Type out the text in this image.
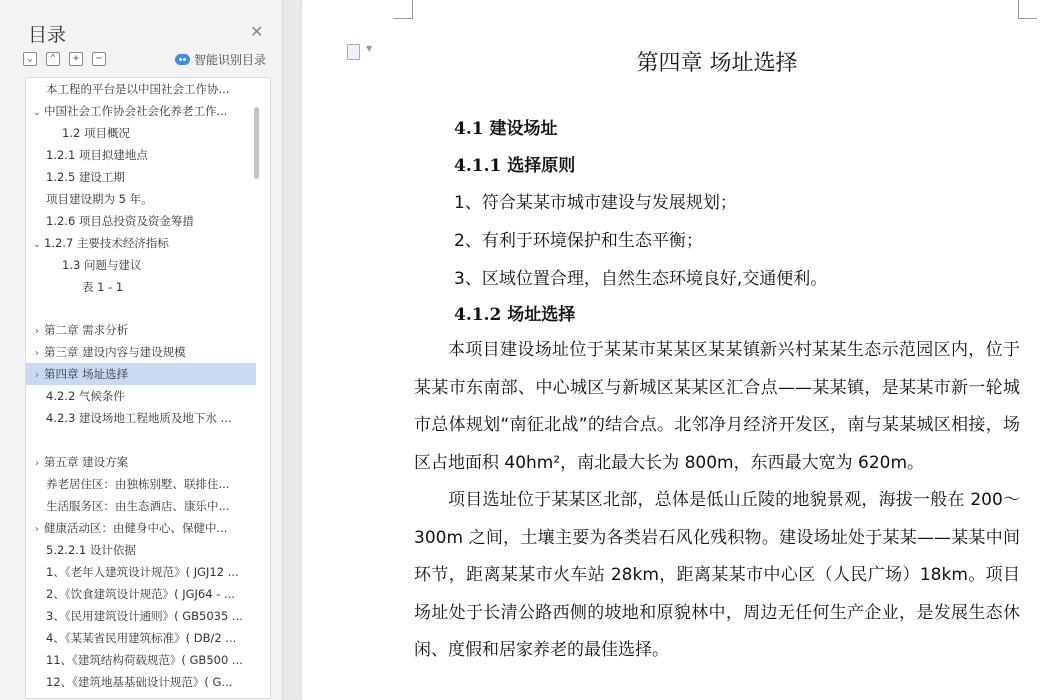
目录	✕
⌄	⌃	+	−	智能识别目录
本工程的平台是以中国社会工作协...
⌄ 中国社会工作协会社会化养老工作...
1.2 项目概况
1.2.1 项目拟建地点
1.2.5 建设工期
项目建设期为 5 年。
1.2.6 项目总投资及资金筹措
⌄ 1.2.7 主要技术经济指标
1.3 问题与建议
表 1 - 1
› 第二章 需求分析
› 第三章 建设内容与建设规模
› 第四章 场址选择
4.2.2 气候条件
4.2.3 建设场地工程地质及地下水 ...
› 第五章 建设方案
养老居住区：由独栋别墅、联排住...
生活服务区：由生态酒店、康乐中...
› 健康活动区：由健身中心、保健中...
5.2.2.1 设计依据
1、《老年人建筑设计规范》( JGJ12 ...
2、《饮食建筑设计规范》( JGJ64 - ...
3、《民用建筑设计通则》( GB5035 ...
4、《某某省民用建筑标准》( DB/2 ...
11、《建筑结构荷载规范》( GB500 ...
12、《建筑地基基础设计规范》( G...
▼
第四章 场址选择
4.1 建设场址
4.1.1 选择原则
1、符合某某市城市建设与发展规划；
2、有利于环境保护和生态平衡；
3、区域位置合理，自然生态环境良好,交通便利。
4.1.2 场址选择

本项目建设场址位于某某市某某区某某镇新兴村某某生态示范园区内，位于某某市东南部、中心城区与新城区某某区汇合点——某某镇，是某某市新一轮城市总体规划“南征北战”的结合点。北邻净月经济开发区，南与某某城区相接，场区占地面积 40hm²，南北最大长为 800m，东西最大宽为 620m。

项目选址位于某某区北部，总体是低山丘陵的地貌景观，海拔一般在 200～300m 之间，土壤主要为各类岩石风化残积物。建设场址处于某某——某某中间环节，距离某某市火车站 28km，距离某某市中心区（人民广场）18km。项目场址处于长清公路西侧的坡地和原貌林中，周边无任何生产企业，是发展生态休闲、度假和居家养老的最佳选择。
